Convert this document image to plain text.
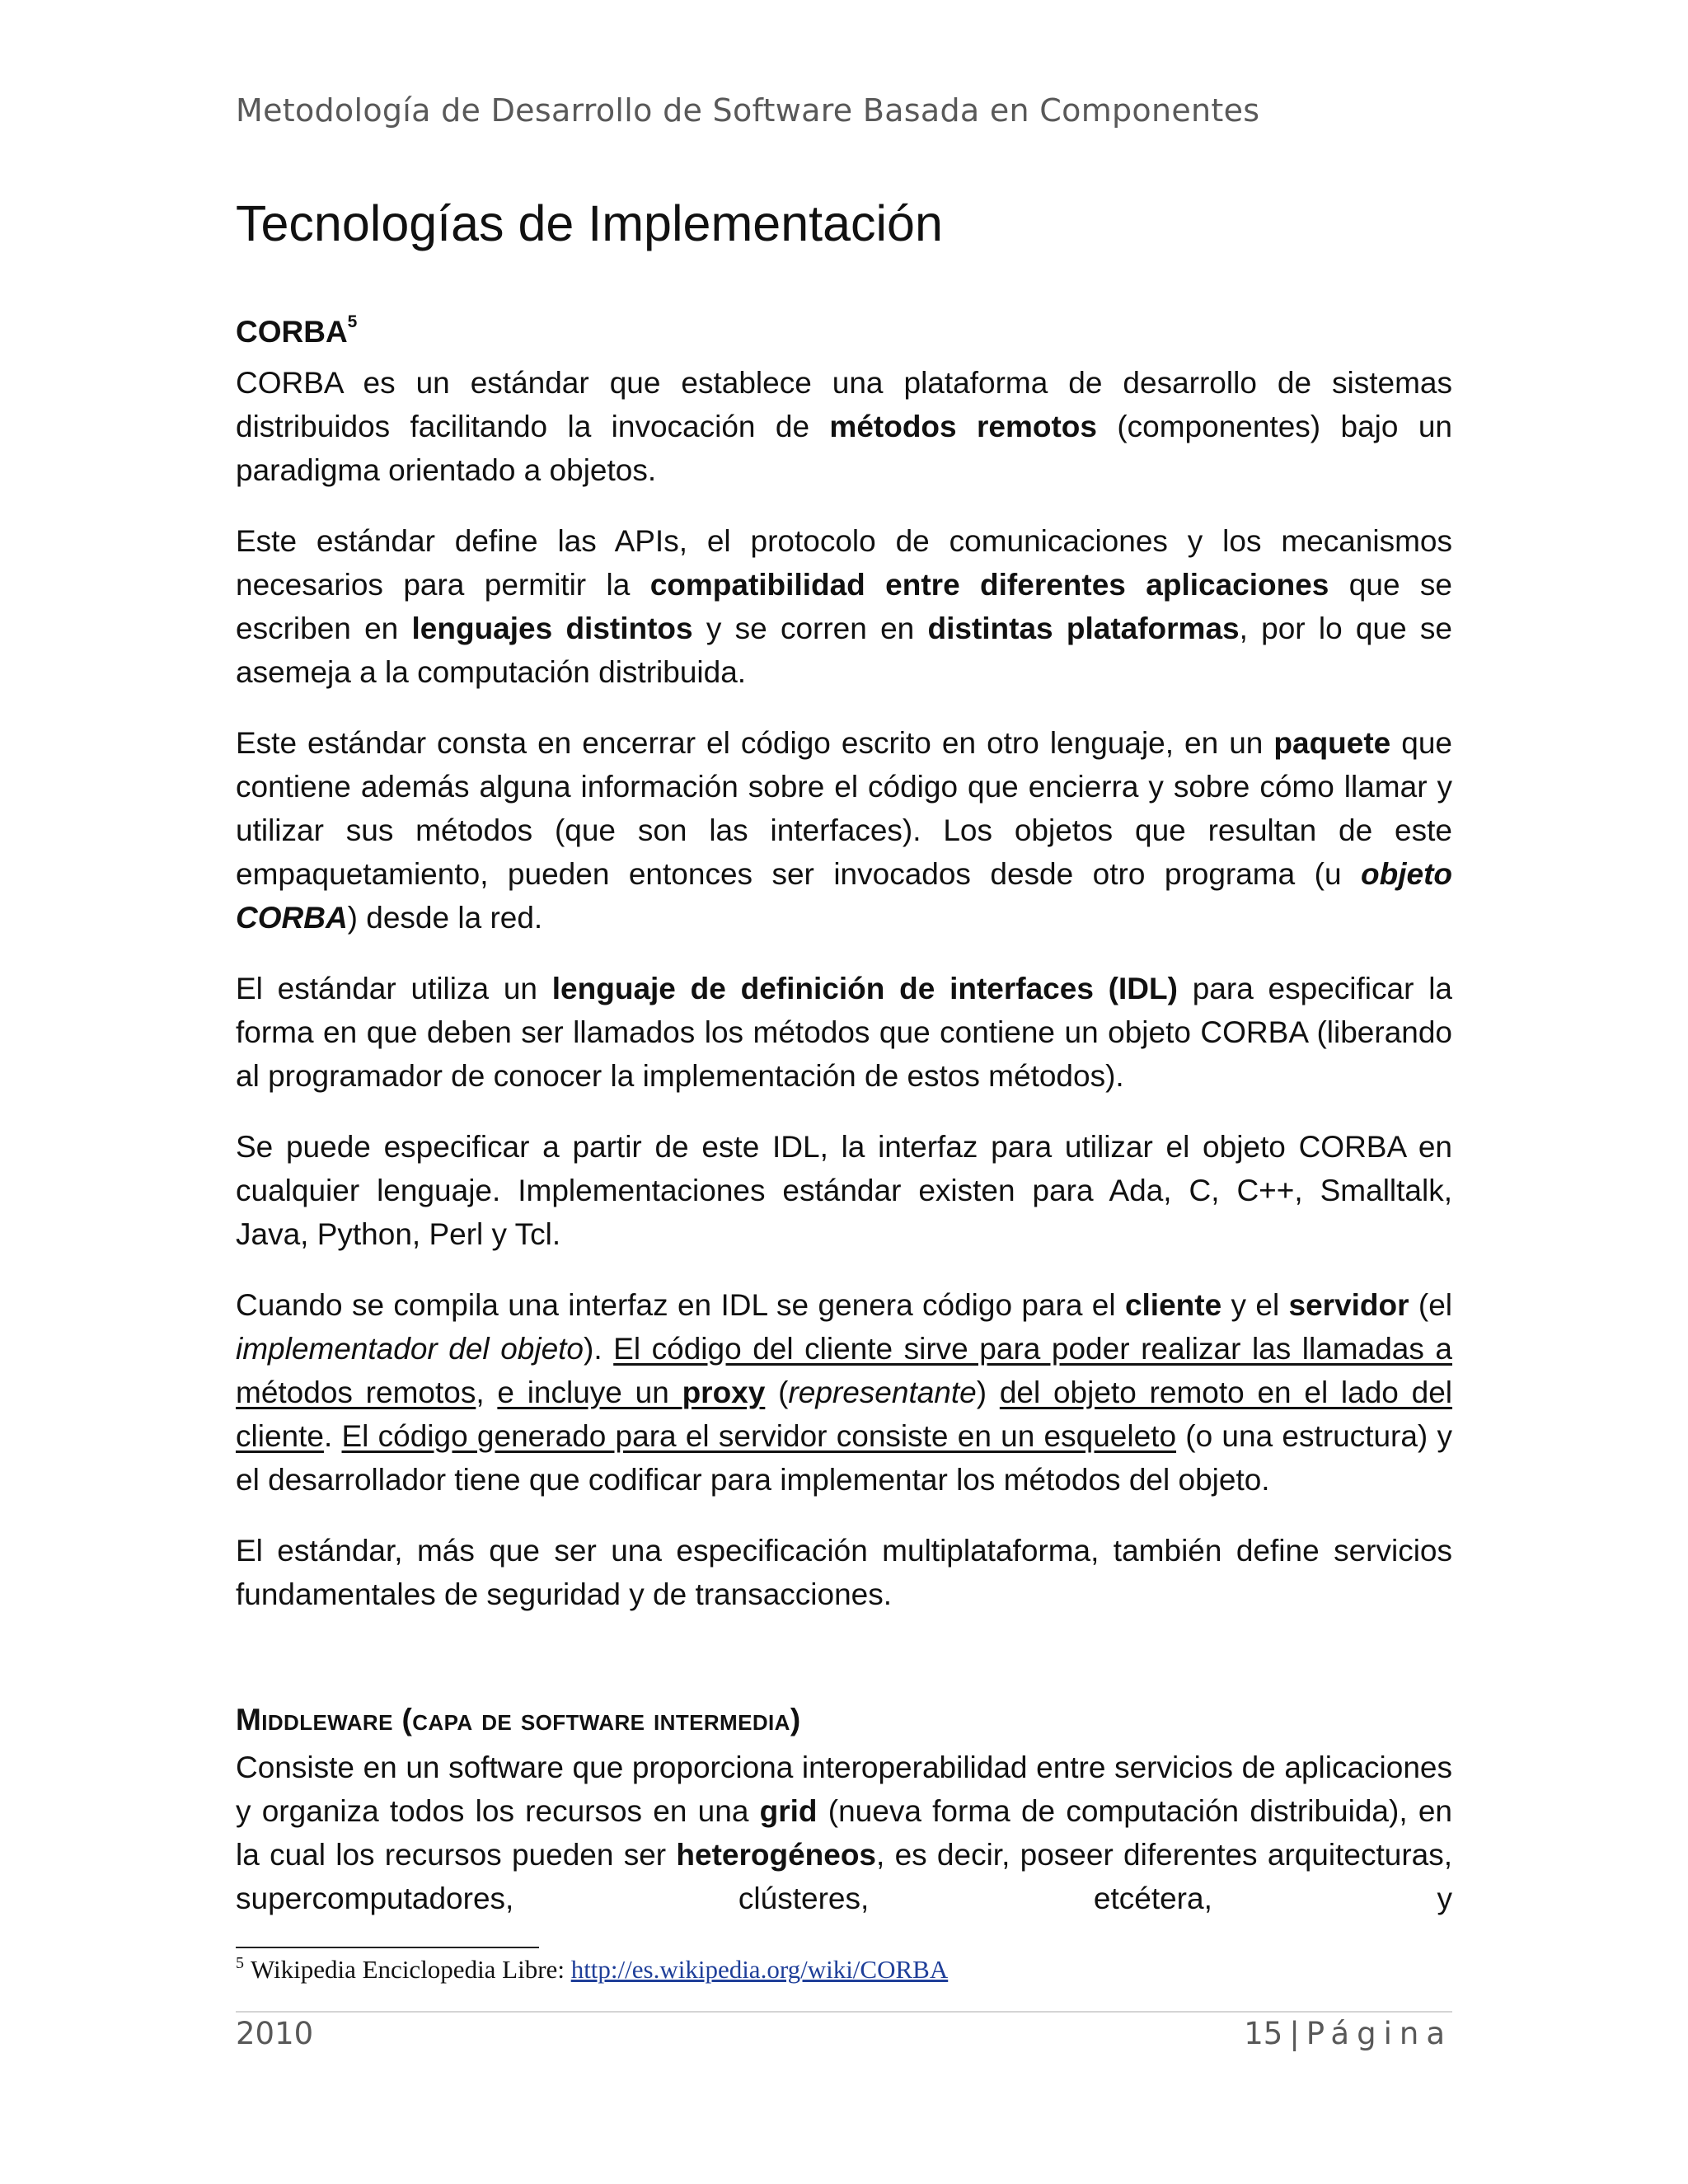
Metodología de Desarrollo de Software Basada en Componentes
Tecnologías de Implementación
CORBA$^5$

CORBA es un estándar que establece una plataforma de desarrollo de sistemas distribuidos facilitando la invocación de métodos remotos (componentes) bajo un paradigma orientado a objetos.

Este estándar define las APIs, el protocolo de comunicaciones y los mecanismos necesarios para permitir la compatibilidad entre diferentes aplicaciones que se escriben en lenguajes distintos y se corren en distintas plataformas, por lo que se asemeja a la computación distribuida.

Este estándar consta en encerrar el código escrito en otro lenguaje, en un paquete que contiene además alguna información sobre el código que encierra y sobre cómo llamar y utilizar sus métodos (que son las interfaces). Los objetos que resultan de este empaquetamiento, pueden entonces ser invocados desde otro programa (u objeto CORBA) desde la red.

El estándar utiliza un lenguaje de definición de interfaces (IDL) para especificar la forma en que deben ser llamados los métodos que contiene un objeto CORBA (liberando al programador de conocer la implementación de estos métodos).

Se puede especificar a partir de este IDL, la interfaz para utilizar el objeto CORBA en cualquier lenguaje. Implementaciones estándar existen para Ada, C, C++, Smalltalk, Java, Python, Perl y Tcl.

Cuando se compila una interfaz en IDL se genera código para el cliente y el servidor (el implementador del objeto). El código del cliente sirve para poder realizar las llamadas a métodos remotos, e incluye un proxy (representante) del objeto remoto en el lado del cliente. El código generado para el servidor consiste en un esqueleto (o una estructura) y el desarrollador tiene que codificar para implementar los métodos del objeto.

El estándar, más que ser una especificación multiplataforma, también define servicios fundamentales de seguridad y de transacciones.

Middleware (capa de software intermedia)

Consiste en un software que proporciona interoperabilidad entre servicios de aplicaciones y organiza todos los recursos en una grid (nueva forma de computación distribuida), en la cual los recursos pueden ser heterogéneos, es decir, poseer diferentes arquitecturas, supercomputadores, clústeres, etcétera, y

$^5$ Wikipedia Enciclopedia Libre: http://es.wikipedia.org/wiki/CORBA
2010	15 | Página
